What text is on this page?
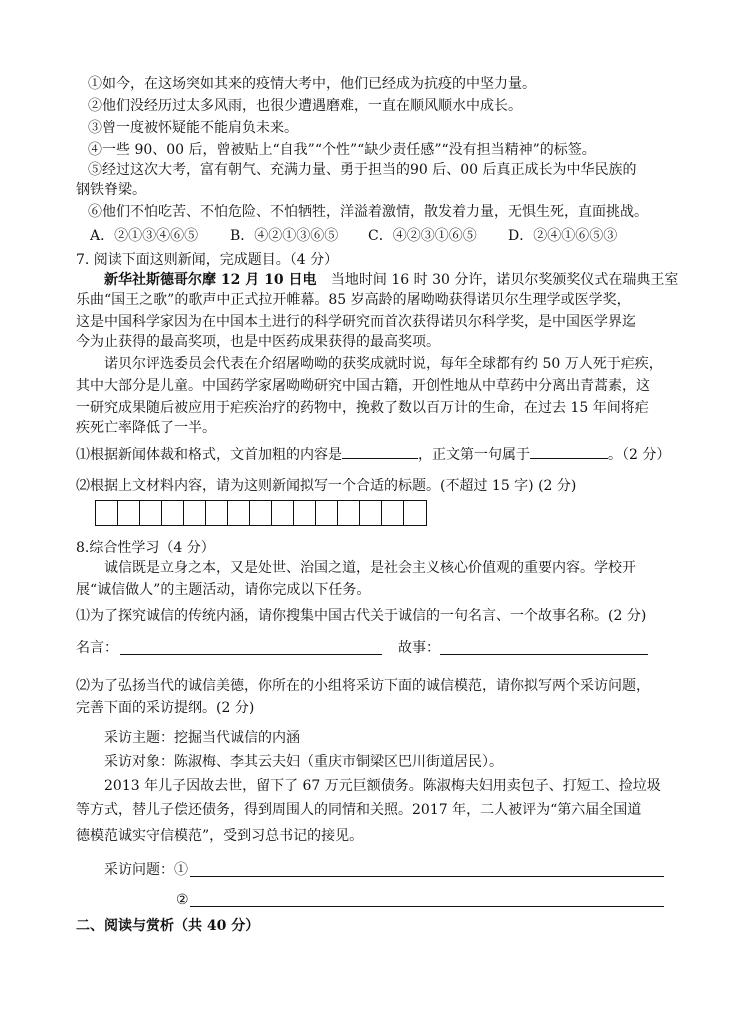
①如今，在这场突如其来的疫情大考中，他们已经成为抗疫的中坚力量。
②他们没经历过太多风雨，也很少遭遇磨难，一直在顺风顺水中成长。
③曾一度被怀疑能不能肩负未来。
④一些 90、00 后，曾被贴上“自我”“个性”“缺少责任感”“没有担当精神”的标签。
⑤经过这次大考，富有朝气、充满力量、勇于担当的90 后、00 后真正成长为中华民族的
钢铁脊梁。
⑥他们不怕吃苦、不怕危险、不怕牺牲，洋溢着激情，散发着力量，无惧生死，直面挑战。
A．②①③④⑥⑤ B．④②①③⑥⑤ C．④②③①⑥⑤ D．②④①⑥⑤③
7. 阅读下面这则新闻，完成题目。（4 分）
新华社斯德哥尔摩 12 月 10 日电 当地时间 16 时 30 分许，诺贝尔奖颁奖仪式在瑞典王室
乐曲“国王之歌”的歌声中正式拉开帷幕。85 岁高龄的屠呦呦获得诺贝尔生理学或医学奖，
这是中国科学家因为在中国本土进行的科学研究而首次获得诺贝尔科学奖，是中国医学界迄
今为止获得的最高奖项，也是中医药成果获得的最高奖项。
诺贝尔评选委员会代表在介绍屠呦呦的获奖成就时说，每年全球都有约 50 万人死于疟疾，
其中大部分是儿童。中国药学家屠呦呦研究中国古籍，开创性地从中草药中分离出青蒿素，这
一研究成果随后被应用于疟疾治疗的药物中，挽救了数以百万计的生命，在过去 15 年间将疟
疾死亡率降低了一半。
⑴根据新闻体裁和格式，文首加粗的内容是	，正文第一句属于	。（2 分）
⑵根据上文材料内容，请为这则新闻拟写一个合适的标题。(不超过 15 字) (2 分)
8.综合性学习（4 分）
诚信既是立身之本，又是处世、治国之道，是社会主义核心价值观的重要内容。学校开
展“诚信做人”的主题活动，请你完成以下任务。
⑴为了探究诚信的传统内涵，请你搜集中国古代关于诚信的一句名言、一个故事名称。(2 分)
名言：	故事：
⑵为了弘扬当代的诚信美德，你所在的小组将采访下面的诚信模范，请你拟写两个采访问题，
完善下面的采访提纲。(2 分)
采访主题：挖掘当代诚信的内涵
采访对象：陈淑梅、李其云夫妇（重庆市铜梁区巴川街道居民）。
2013 年儿子因故去世，留下了 67 万元巨额债务。陈淑梅夫妇用卖包子、打短工、捡垃圾
等方式，替儿子偿还债务，得到周围人的同情和关照。2017 年，二人被评为“第六届全国道
德模范诚实守信模范”，受到习总书记的接见。
采访问题：①
②
二、阅读与赏析（共 40 分）
